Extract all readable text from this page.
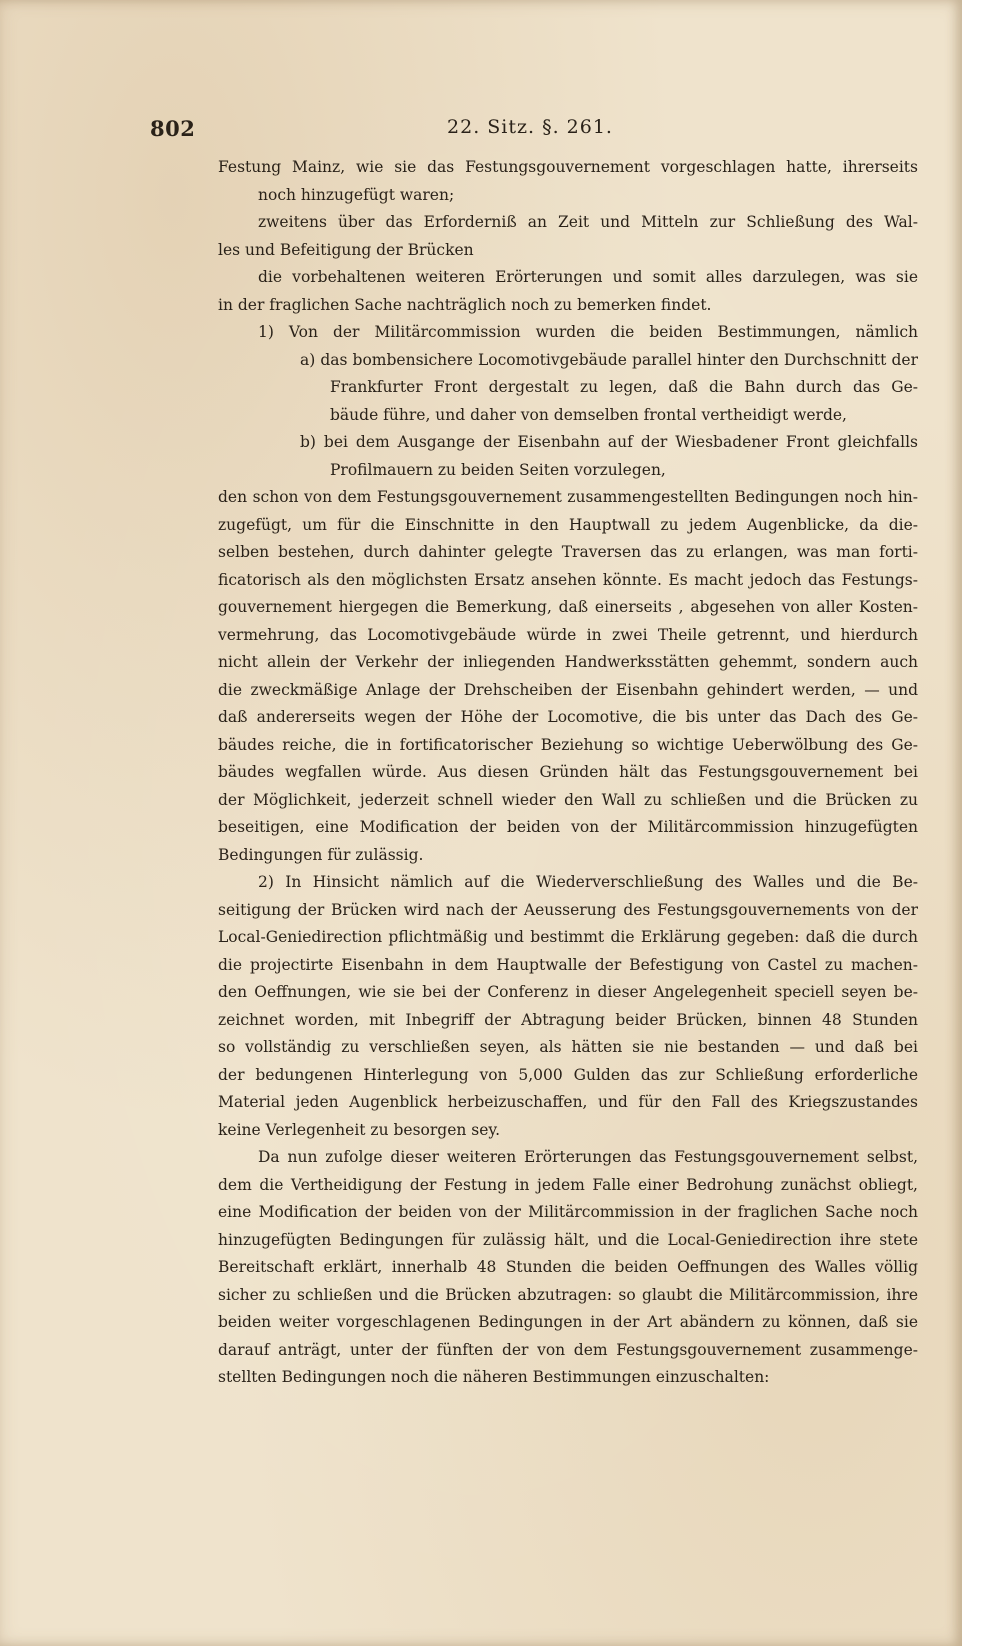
802	22. Sitz. §. 261.
Festung Mainz, wie sie das Festungsgouvernement vorgeschlagen hatte, ihrerseits
noch hinzugefügt waren;
zweitens über das Erforderniß an Zeit und Mitteln zur Schließung des Wal-
les und Befeitigung der Brücken
die vorbehaltenen weiteren Erörterungen und somit alles darzulegen, was sie
in der fraglichen Sache nachträglich noch zu bemerken findet.
1) Von der Militärcommission wurden die beiden Bestimmungen, nämlich
a) das bombensichere Locomotivgebäude parallel hinter den Durchschnitt der
Frankfurter Front dergestalt zu legen, daß die Bahn durch das Ge-
bäude führe, und daher von demselben frontal vertheidigt werde,
b) bei dem Ausgange der Eisenbahn auf der Wiesbadener Front gleichfalls
Profilmauern zu beiden Seiten vorzulegen,
den schon von dem Festungsgouvernement zusammengestellten Bedingungen noch hin-
zugefügt, um für die Einschnitte in den Hauptwall zu jedem Augenblicke, da die-
selben bestehen, durch dahinter gelegte Traversen das zu erlangen, was man forti-
ficatorisch als den möglichsten Ersatz ansehen könnte. Es macht jedoch das Festungs-
gouvernement hiergegen die Bemerkung, daß einerseits , abgesehen von aller Kosten-
vermehrung, das Locomotivgebäude würde in zwei Theile getrennt, und hierdurch
nicht allein der Verkehr der inliegenden Handwerksstätten gehemmt, sondern auch
die zweckmäßige Anlage der Drehscheiben der Eisenbahn gehindert werden, — und
daß andererseits wegen der Höhe der Locomotive, die bis unter das Dach des Ge-
bäudes reiche, die in fortificatorischer Beziehung so wichtige Ueberwölbung des Ge-
bäudes wegfallen würde. Aus diesen Gründen hält das Festungsgouvernement bei
der Möglichkeit, jederzeit schnell wieder den Wall zu schließen und die Brücken zu
beseitigen, eine Modification der beiden von der Militärcommission hinzugefügten
Bedingungen für zulässig.
2) In Hinsicht nämlich auf die Wiederverschließung des Walles und die Be-
seitigung der Brücken wird nach der Aeusserung des Festungsgouvernements von der
Local-Geniedirection pflichtmäßig und bestimmt die Erklärung gegeben: daß die durch
die projectirte Eisenbahn in dem Hauptwalle der Befestigung von Castel zu machen-
den Oeffnungen, wie sie bei der Conferenz in dieser Angelegenheit speciell seyen be-
zeichnet worden, mit Inbegriff der Abtragung beider Brücken, binnen 48 Stunden
so vollständig zu verschließen seyen, als hätten sie nie bestanden — und daß bei
der bedungenen Hinterlegung von 5,000 Gulden das zur Schließung erforderliche
Material jeden Augenblick herbeizuschaffen, und für den Fall des Kriegszustandes
keine Verlegenheit zu besorgen sey.
Da nun zufolge dieser weiteren Erörterungen das Festungsgouvernement selbst,
dem die Vertheidigung der Festung in jedem Falle einer Bedrohung zunächst obliegt,
eine Modification der beiden von der Militärcommission in der fraglichen Sache noch
hinzugefügten Bedingungen für zulässig hält, und die Local-Geniedirection ihre stete
Bereitschaft erklärt, innerhalb 48 Stunden die beiden Oeffnungen des Walles völlig
sicher zu schließen und die Brücken abzutragen: so glaubt die Militärcommission, ihre
beiden weiter vorgeschlagenen Bedingungen in der Art abändern zu können, daß sie
darauf anträgt, unter der fünften der von dem Festungsgouvernement zusammenge-
stellten Bedingungen noch die näheren Bestimmungen einzuschalten:
